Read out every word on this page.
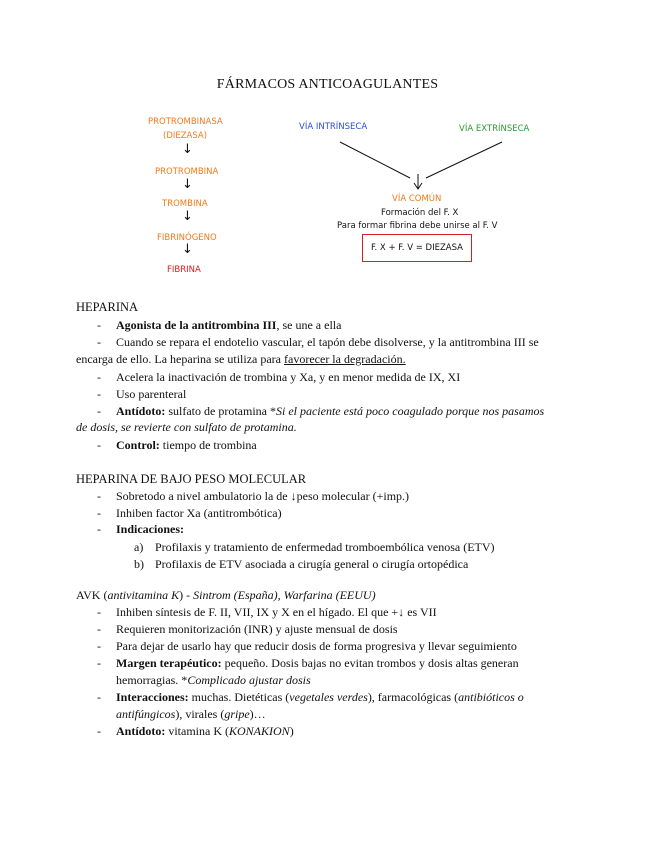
FÁRMACOS ANTICOAGULANTES
PROTROMBINASA
(DIEZASA)
↓
PROTROMBINA
↓
TROMBINA
↓
FIBRINÓGENO
↓
FIBRINA
VÍA INTRÍNSECA	VÍA EXTRÍNSECA
VÍA COMÚN
Formación del F. X
Para formar fibrina debe unirse al F. V
F. X + F. V = DIEZASA
HEPARINA
- Agonista de la antitrombina III, se une a ella
- Cuando se repara el endotelio vascular, el tapón debe disolverse, y la antitrombina III se
encarga de ello. La heparina se utiliza para favorecer la degradación.
- Acelera la inactivación de trombina y Xa, y en menor medida de IX, XI
- Uso parenteral
- Antídoto: sulfato de protamina *Si el paciente está poco coagulado porque nos pasamos
de dosis, se revierte con sulfato de protamina.
- Control: tiempo de trombina
HEPARINA DE BAJO PESO MOLECULAR
- Sobretodo a nivel ambulatorio la de ↓peso molecular (+imp.)
- Inhiben factor Xa (antitrombótica)
- Indicaciones:
a) Profilaxis y tratamiento de enfermedad tromboembólica venosa (ETV)
b) Profilaxis de ETV asociada a cirugía general o cirugía ortopédica
AVK (antivitamina K) - Sintrom (España), Warfarina (EEUU)
- Inhiben síntesis de F. II, VII, IX y X en el hígado. El que +↓ es VII
- Requieren monitorización (INR) y ajuste mensual de dosis
- Para dejar de usarlo hay que reducir dosis de forma progresiva y llevar seguimiento
- Margen terapéutico: pequeño. Dosis bajas no evitan trombos y dosis altas generan
hemorragias. *Complicado ajustar dosis
- Interacciones: muchas. Dietéticas (vegetales verdes), farmacológicas (antibióticos o
antifúngicos), virales (gripe)…
- Antídoto: vitamina K (KONAKION)
